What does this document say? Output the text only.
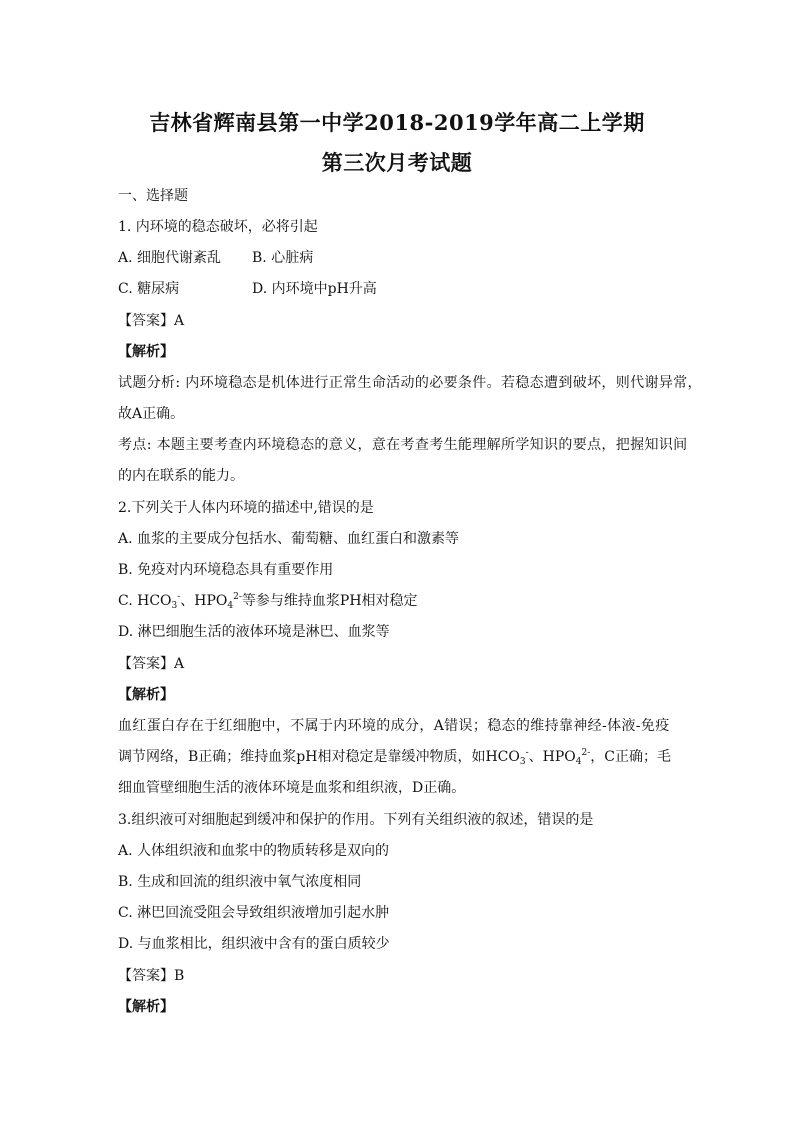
吉林省辉南县第一中学2018-2019学年高二上学期
第三次月考试题
一、选择题
1. 内环境的稳态破坏，必将引起
A. 细胞代谢紊乱 B. 心脏病
C. 糖尿病	D. 内环境中pH升高
【答案】A
【解析】
试题分析: 内环境稳态是机体进行正常生命活动的必要条件。若稳态遭到破坏，则代谢异常，
故A正确。
考点: 本题主要考查内环境稳态的意义，意在考查考生能理解所学知识的要点，把握知识间
的内在联系的能力。
2.下列关于人体内环境的描述中,错误的是
A. 血浆的主要成分包括水、葡萄糖、血红蛋白和激素等
B. 免疫对内环境稳态具有重要作用
C. $HCO_3^-$、$HPO_4^{2-}$等参与维持血浆PH相对稳定
D. 淋巴细胞生活的液体环境是淋巴、血浆等
【答案】A
【解析】
血红蛋白存在于红细胞中，不属于内环境的成分，A错误；稳态的维持靠神经-体液-免疫
调节网络，B正确；维持血浆pH相对稳定是靠缓冲物质，如$HCO_3^-$、$HPO_4^{2-}$，C正确；毛
细血管壁细胞生活的液体环境是血浆和组织液，D正确。
3.组织液可对细胞起到缓冲和保护的作用。下列有关组织液的叙述，错误的是
A. 人体组织液和血浆中的物质转移是双向的
B. 生成和回流的组织液中氧气浓度相同
C. 淋巴回流受阻会导致组织液增加引起水肿
D. 与血浆相比，组织液中含有的蛋白质较少
【答案】B
【解析】
